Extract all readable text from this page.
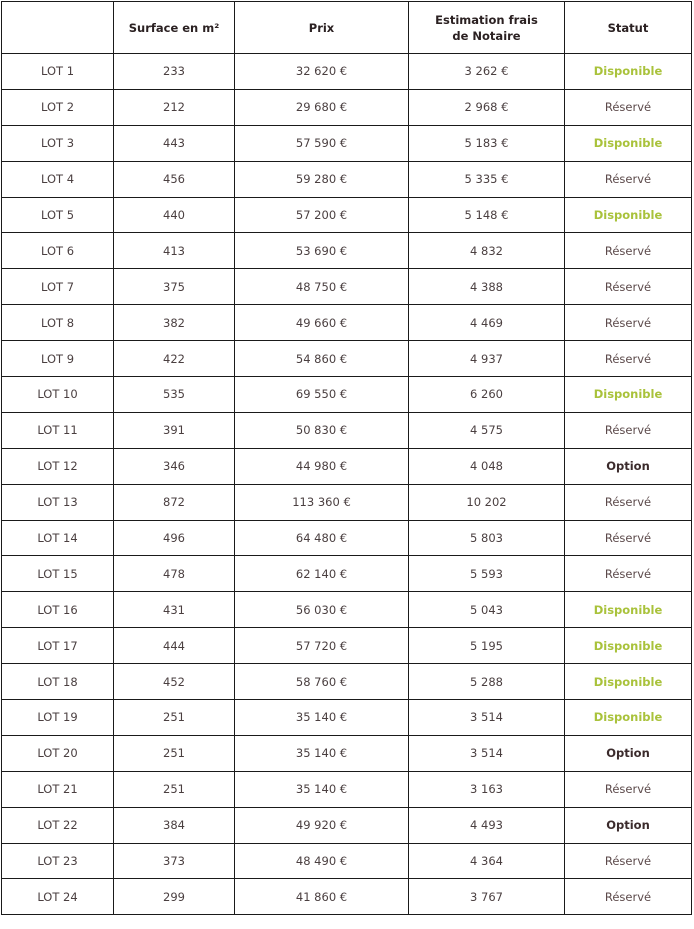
	Surface en m²	Prix	Estimation frais de Notaire	Statut
LOT 1	233	32 620 €	3 262 €	Disponible
LOT 2	212	29 680 €	2 968 €	Réservé
LOT 3	443	57 590 €	5 183 €	Disponible
LOT 4	456	59 280 €	5 335 €	Réservé
LOT 5	440	57 200 €	5 148 €	Disponible
LOT 6	413	53 690 €	4 832	Réservé
LOT 7	375	48 750 €	4 388	Réservé
LOT 8	382	49 660 €	4 469	Réservé
LOT 9	422	54 860 €	4 937	Réservé
LOT 10	535	69 550 €	6 260	Disponible
LOT 11	391	50 830 €	4 575	Réservé
LOT 12	346	44 980 €	4 048	Option
LOT 13	872	113 360 €	10 202	Réservé
LOT 14	496	64 480 €	5 803	Réservé
LOT 15	478	62 140 €	5 593	Réservé
LOT 16	431	56 030 €	5 043	Disponible
LOT 17	444	57 720 €	5 195	Disponible
LOT 18	452	58 760 €	5 288	Disponible
LOT 19	251	35 140 €	3 514	Disponible
LOT 20	251	35 140 €	3 514	Option
LOT 21	251	35 140 €	3 163	Réservé
LOT 22	384	49 920 €	4 493	Option
LOT 23	373	48 490 €	4 364	Réservé
LOT 24	299	41 860 €	3 767	Réservé
